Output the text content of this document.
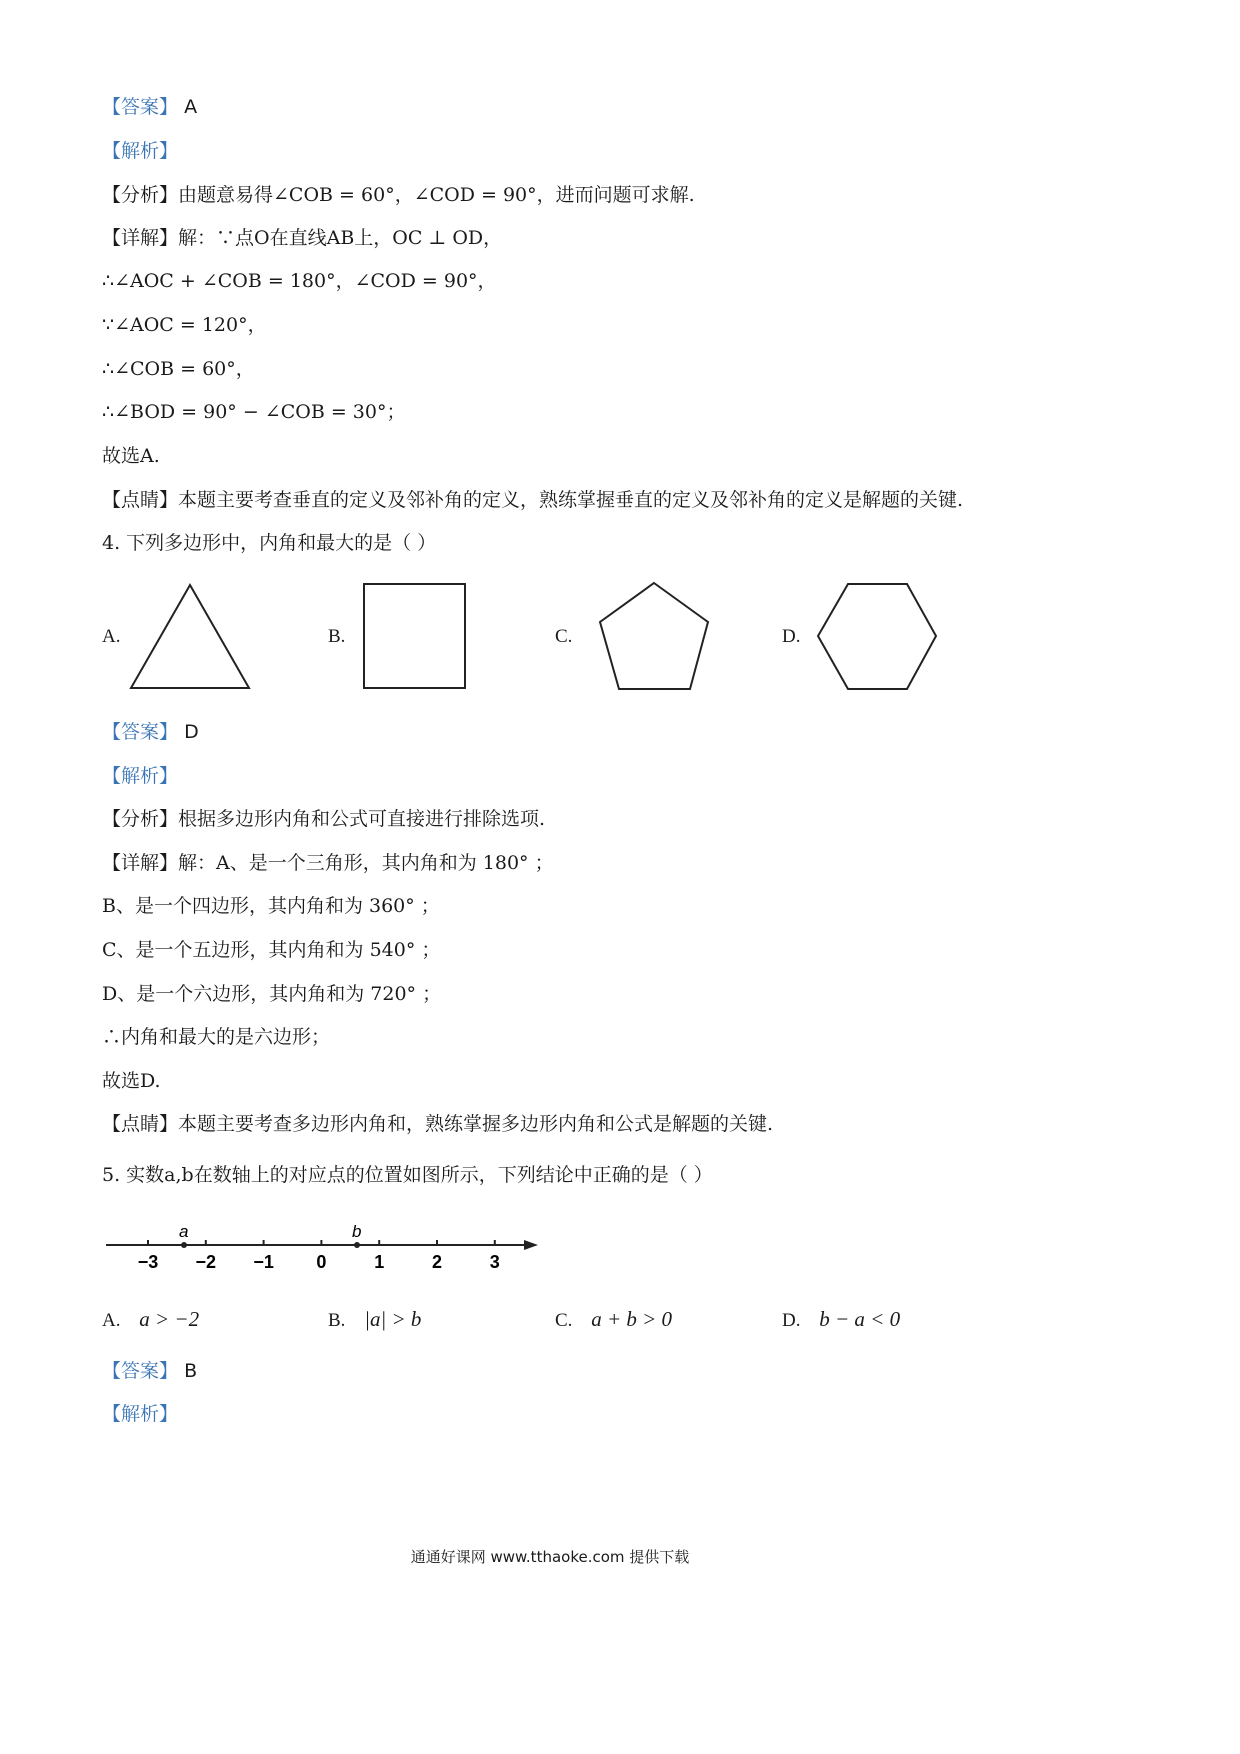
【答案】 A
【解析】
【分析】由题意易得∠COB = 60°，∠COD = 90°，进而问题可求解.
【详解】解：∵点O在直线AB上，OC ⊥ OD，
∴∠AOC + ∠COB = 180°，∠COD = 90°，
∵∠AOC = 120°，
∴∠COB = 60°，
∴∠BOD = 90° − ∠COB = 30°；
故选A.
【点睛】本题主要考查垂直的定义及邻补角的定义，熟练掌握垂直的定义及邻补角的定义是解题的关键.
4. 下列多边形中，内角和最大的是（ ）
A.	B.	C.	D.
【答案】 D
【解析】
【分析】根据多边形内角和公式可直接进行排除选项.
【详解】解：A、是一个三角形，其内角和为 180° ；
B、是一个四边形，其内角和为 360° ；
C、是一个五边形，其内角和为 540° ；
D、是一个六边形，其内角和为 720° ；
∴内角和最大的是六边形；
故选D.
【点睛】本题主要考查多边形内角和，熟练掌握多边形内角和公式是解题的关键.
5. 实数a,b在数轴上的对应点的位置如图所示，下列结论中正确的是（ ）
−3 −2 −1 0	1	2	3
a	b
A. a > −2	B. |a| > b	C. a + b > 0	D. b − a < 0
【答案】 B
【解析】
通通好课网 www.tthaoke.com 提供下载
